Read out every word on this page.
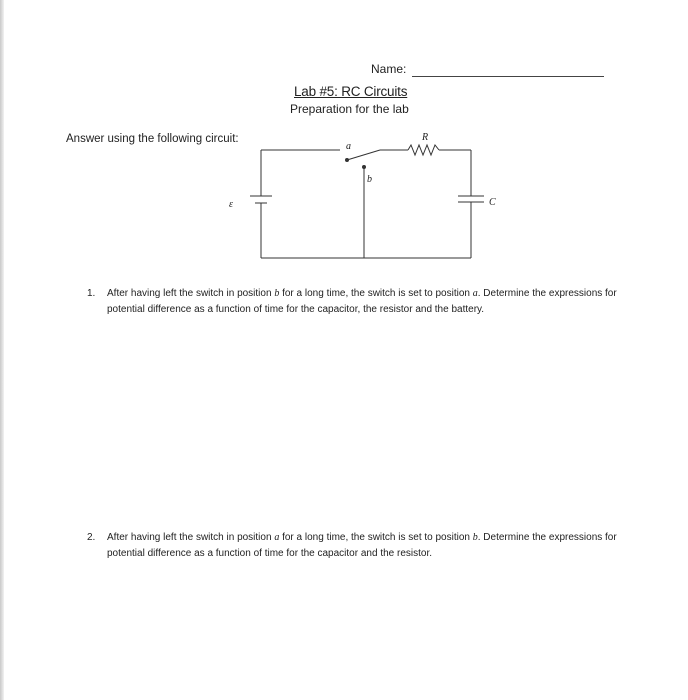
Name:
Lab #5: RC Circuits
Preparation for the lab
Answer using the following circuit:
a
b
R
C
ε
1. After having left the switch in position b for a long time, the switch is set to position a. Determine the expressions for potential difference as a function of time for the capacitor, the resistor and the battery.
2. After having left the switch in position a for a long time, the switch is set to position b. Determine the expressions for potential difference as a function of time for the capacitor and the resistor.
